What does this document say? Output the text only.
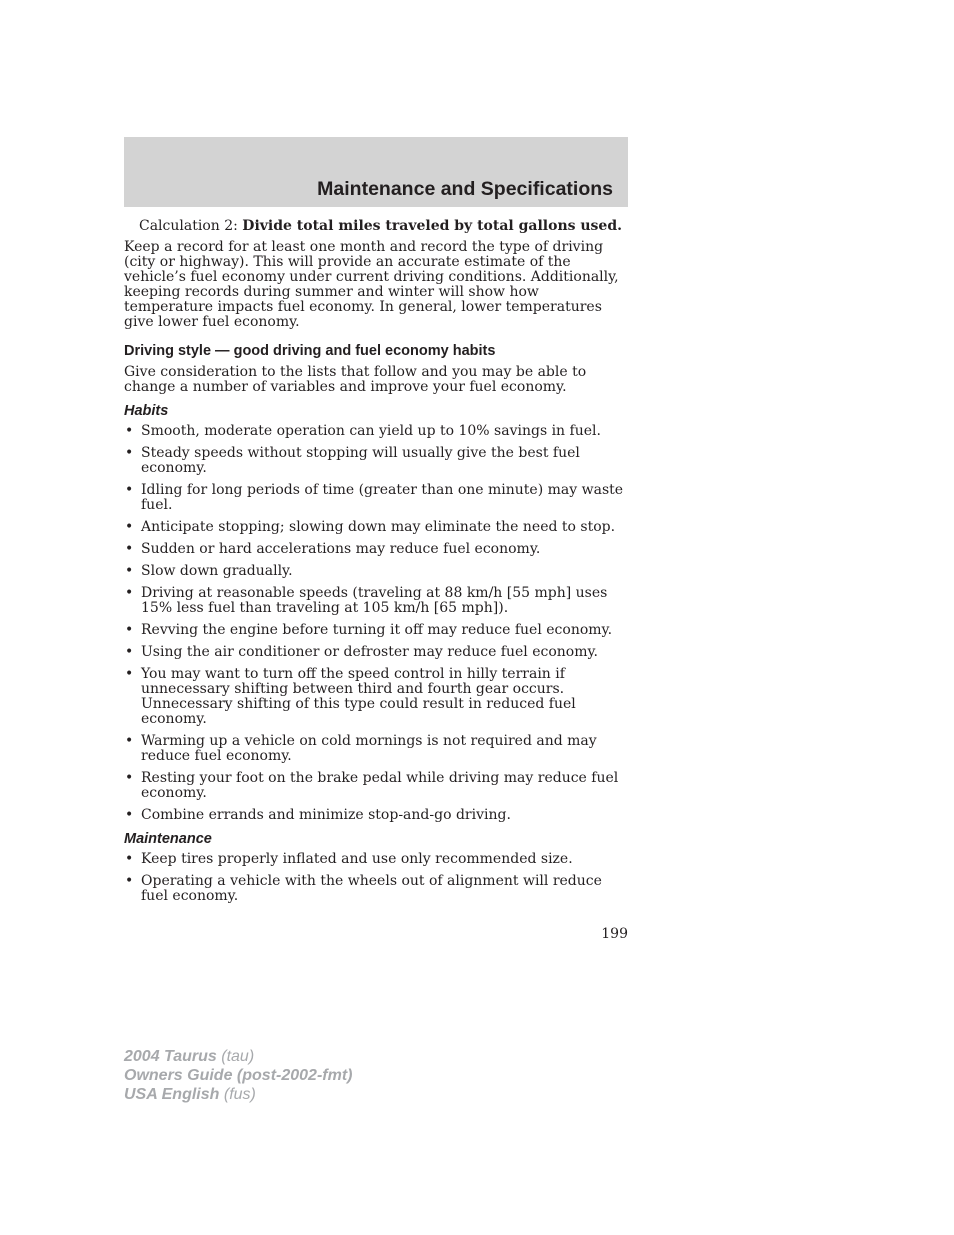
Maintenance and Specifications

Calculation 2: Divide total miles traveled by total gallons used.

Keep a record for at least one month and record the type of driving (city or highway). This will provide an accurate estimate of the vehicle’s fuel economy under current driving conditions. Additionally, keeping records during summer and winter will show how temperature impacts fuel economy. In general, lower temperatures give lower fuel economy.

Driving style — good driving and fuel economy habits

Give consideration to the lists that follow and you may be able to change a number of variables and improve your fuel economy.

Habits
• Smooth, moderate operation can yield up to 10% savings in fuel.
• Steady speeds without stopping will usually give the best fuel economy.
• Idling for long periods of time (greater than one minute) may waste fuel.
• Anticipate stopping; slowing down may eliminate the need to stop.
• Sudden or hard accelerations may reduce fuel economy.
• Slow down gradually.
• Driving at reasonable speeds (traveling at 88 km/h [55 mph] uses 15% less fuel than traveling at 105 km/h [65 mph]).
• Revving the engine before turning it off may reduce fuel economy.
• Using the air conditioner or defroster may reduce fuel economy.
• You may want to turn off the speed control in hilly terrain if unnecessary shifting between third and fourth gear occurs. Unnecessary shifting of this type could result in reduced fuel economy.
• Warming up a vehicle on cold mornings is not required and may reduce fuel economy.
• Resting your foot on the brake pedal while driving may reduce fuel economy.
• Combine errands and minimize stop-and-go driving.
Maintenance
• Keep tires properly inflated and use only recommended size.
• Operating a vehicle with the wheels out of alignment will reduce fuel economy.
199
2004 Taurus (tau)
Owners Guide (post-2002-fmt)
USA English (fus)
